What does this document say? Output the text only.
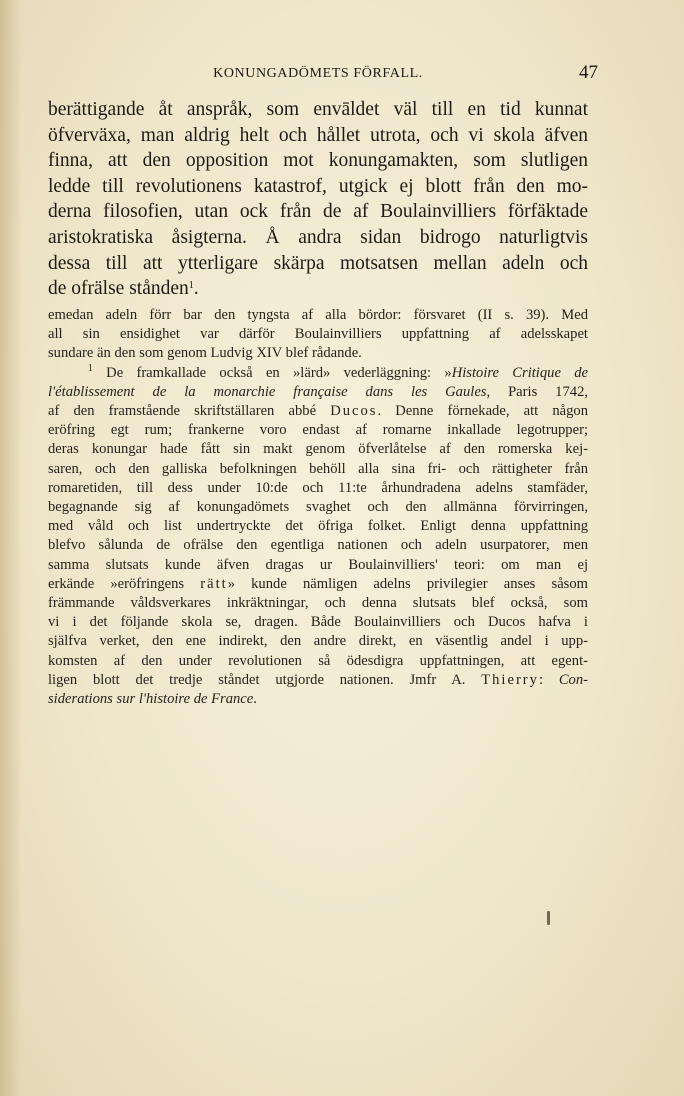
KONUNGADÖMETS FÖRFALL.	47
berättigande åt anspråk, som envāldet väl till en tid kunnat
öfverväxa, man aldrig helt och hållet utrota, och vi skola äfven
finna, att den opposition mot konungamakten, som slutligen
ledde till revolutionens katastrof, utgick ej blott från den mo-
derna filosofien, utan ock från de af Boulainvilliers förfäktade
aristokratiska åsigterna. Å andra sidan bidrogo naturligtvis
dessa till att ytterligare skärpa motsatsen mellan adeln och
de ofrälse stånden$^1$.
emedan adeln förr bar den tyngsta af alla bördor: försvaret (II s. 39). Med
all sin ensidighet var därför Boulainvilliers uppfattning af adelsskapet
sundare än den som genom Ludvig XIV blef rådande.
$^1$ De framkallade också en »lärd» vederläggning: »Histoire Critique de
l'établissement de la monarchie française dans les Gaules, Paris 1742,
af den framstående skriftställaren abbé Ducos. Denne förnekade, att någon
eröfring egt rum; frankerne voro endast af romarne inkallade legotrupper;
deras konungar hade fått sin makt genom öfverlåtelse af den romerska kej-
saren, och den galliska befolkningen behöll alla sina fri- och rättigheter från
romaretiden, till dess under 10:de och 11:te århundradena adelns stamfäder,
begagnande sig af konungadömets svaghet och den allmänna förvirringen,
med våld och list undertryckte det öfriga folket. Enligt denna uppfattning
blefvo sålunda de ofrälse den egentliga nationen och adeln usurpatorer, men
samma slutsats kunde äfven dragas ur Boulainvilliers' teori: om man ej
erkände »eröfringens rätt» kunde nämligen adelns privilegier anses såsom
främmande våldsverkares inkräktningar, och denna slutsats blef också, som
vi i det följande skola se, dragen. Både Boulainvilliers och Ducos hafva i
själfva verket, den ene indirekt, den andre direkt, en väsentlig andel i upp-
komsten af den under revolutionen så ödesdigra uppfattningen, att egent-
ligen blott det tredje ståndet utgjorde nationen. Jmfr A. Thierry: Con-
siderations sur l'histoire de France.
